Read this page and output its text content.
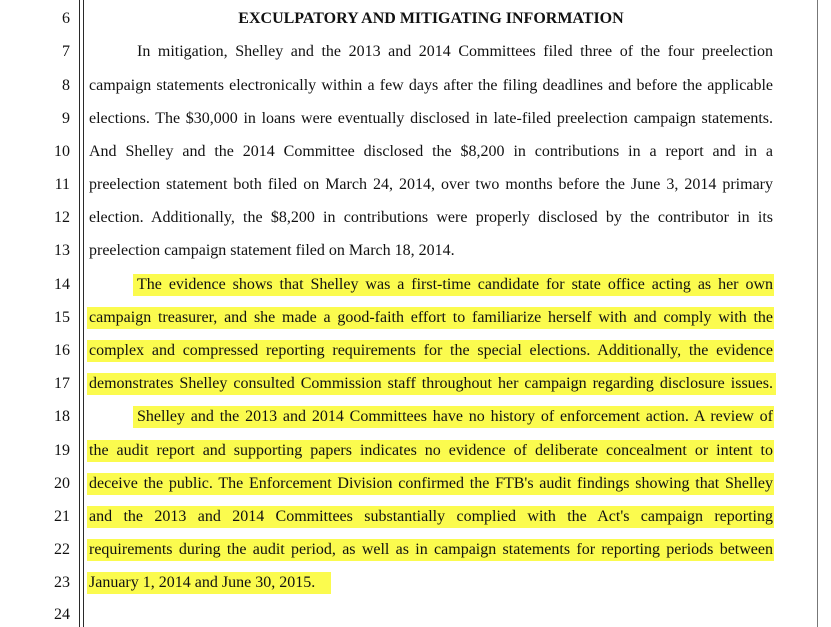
6
7
8
9
10
11
12
13
14
15
16
17
18
19
20
21
22
23
24
EXCULPATORY AND MITIGATING INFORMATION
In mitigation, Shelley and the 2013 and 2014 Committees filed three of the four preelection
campaign statements electronically within a few days after the filing deadlines and before the applicable
elections. The $30,000 in loans were eventually disclosed in late-filed preelection campaign statements.
And Shelley and the 2014 Committee disclosed the $8,200 in contributions in a report and in a
preelection statement both filed on March 24, 2014, over two months before the June 3, 2014 primary
election. Additionally, the $8,200 in contributions were properly disclosed by the contributor in its
preelection campaign statement filed on March 18, 2014.
The evidence shows that Shelley was a first-time candidate for state office acting as her own
campaign treasurer, and she made a good-faith effort to familiarize herself with and comply with the
complex and compressed reporting requirements for the special elections. Additionally, the evidence
demonstrates Shelley consulted Commission staff throughout her campaign regarding disclosure issues.
Shelley and the 2013 and 2014 Committees have no history of enforcement action. A review of
the audit report and supporting papers indicates no evidence of deliberate concealment or intent to
deceive the public. The Enforcement Division confirmed the FTB's audit findings showing that Shelley
and the 2013 and 2014 Committees substantially complied with the Act's campaign reporting
requirements during the audit period, as well as in campaign statements for reporting periods between
January 1, 2014 and June 30, 2015.
